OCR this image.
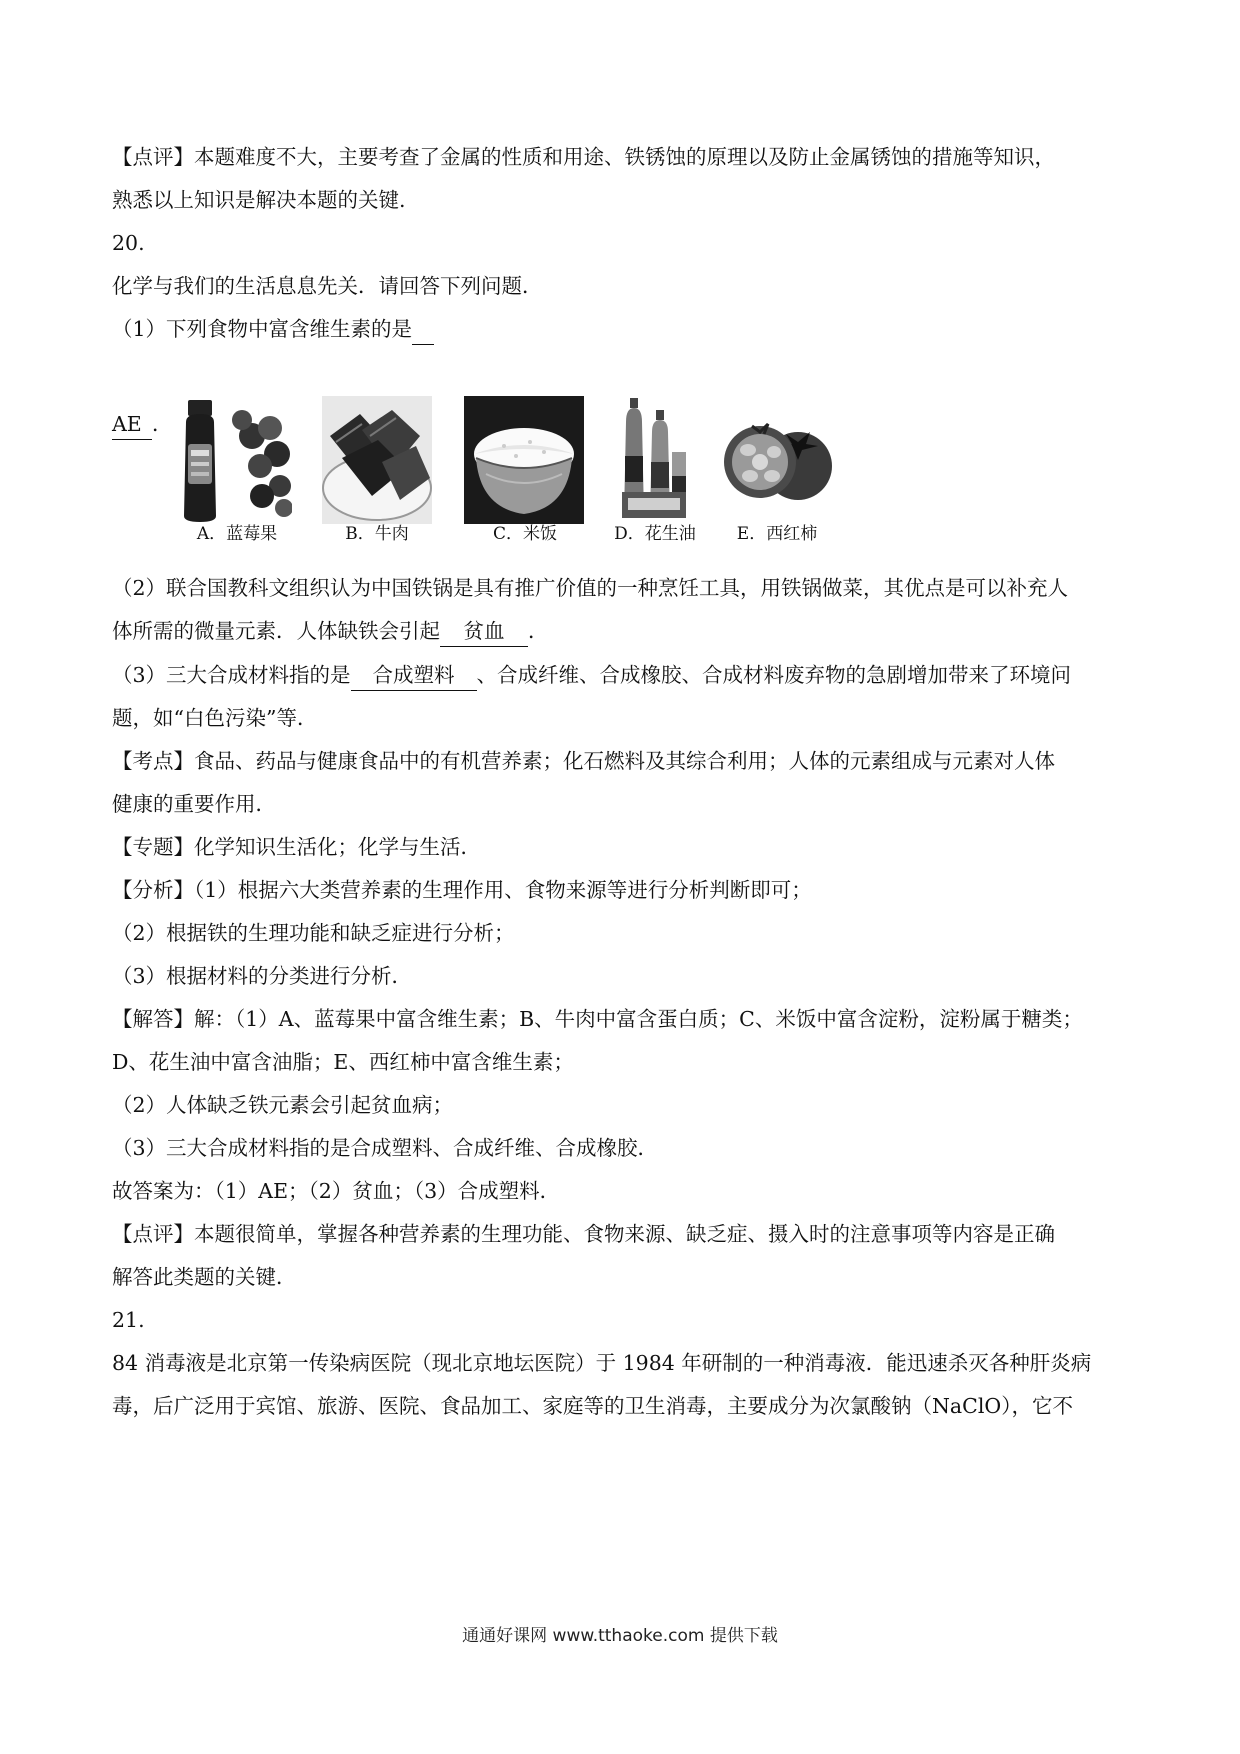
【点评】本题难度不大，主要考查了金属的性质和用途、铁锈蚀的原理以及防止金属锈蚀的措施等知识，
熟悉以上知识是解决本题的关键.
20.
化学与我们的生活息息先关．请回答下列问题．
（1）下列食物中富含维生素的是
AE ．
A．蓝莓果	B．牛肉	C．米饭	D．花生油	E．西红柿
（2）联合国教科文组织认为中国铁锅是具有推广价值的一种烹饪工具，用铁锅做菜，其优点是可以补充人
体所需的微量元素．人体缺铁会引起 贫血 ．
（3）三大合成材料指的是 合成塑料 、合成纤维、合成橡胶、合成材料废弃物的急剧增加带来了环境问
题，如“白色污染”等．
【考点】食品、药品与健康食品中的有机营养素；化石燃料及其综合利用；人体的元素组成与元素对人体
健康的重要作用．
【专题】化学知识生活化；化学与生活．
【分析】（1）根据六大类营养素的生理作用、食物来源等进行分析判断即可；
（2）根据铁的生理功能和缺乏症进行分析；
（3）根据材料的分类进行分析．
【解答】解：（1）A、蓝莓果中富含维生素；B、牛肉中富含蛋白质；C、米饭中富含淀粉，淀粉属于糖类；
D、花生油中富含油脂；E、西红柿中富含维生素；
（2）人体缺乏铁元素会引起贫血病；
（3）三大合成材料指的是合成塑料、合成纤维、合成橡胶．
故答案为：（1）AE；（2）贫血；（3）合成塑料．
【点评】本题很简单，掌握各种营养素的生理功能、食物来源、缺乏症、摄入时的注意事项等内容是正确
解答此类题的关键．
21.
84 消毒液是北京第一传染病医院（现北京地坛医院）于 1984 年研制的一种消毒液．能迅速杀灭各种肝炎病
毒，后广泛用于宾馆、旅游、医院、食品加工、家庭等的卫生消毒，主要成分为次氯酸钠（NaClO），它不
通通好课网 www.tthaoke.com 提供下载
